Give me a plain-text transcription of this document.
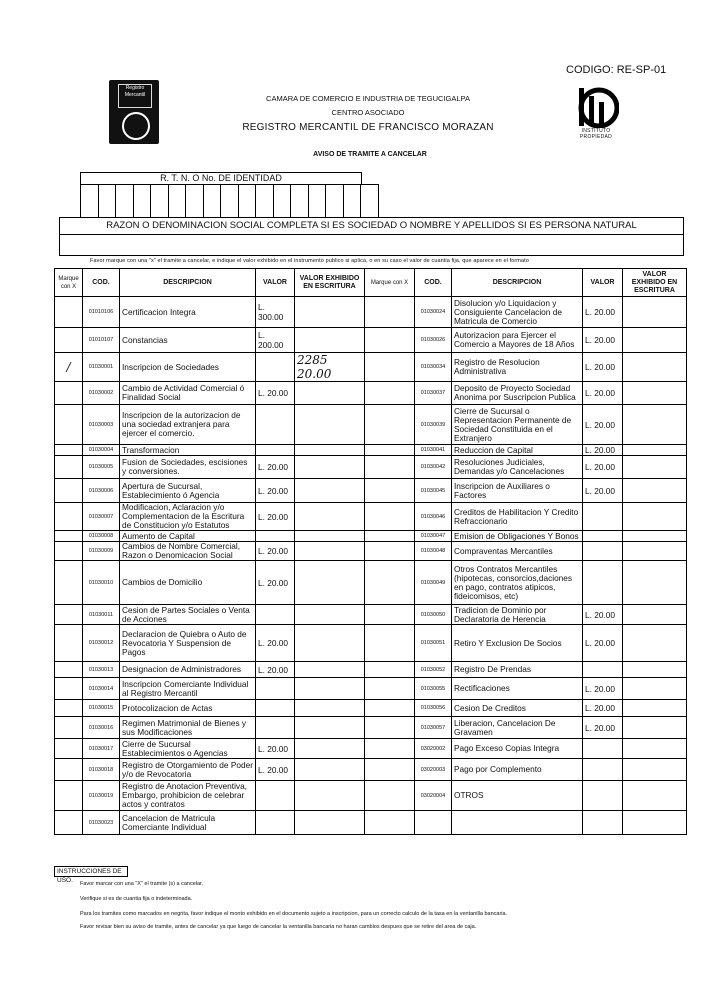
CODIGO: RE-SP-01
Registro Mercantil	CAMARA DE COMERCIO E INDUSTRIA DE TEGUCIGALPA
CENTRO ASOCIADO
REGISTRO MERCANTIL DE FRANCISCO MORAZAN	INSTITUTO PROPIEDAD
AVISO DE TRAMITE A CANCELAR
R. T. N. O No. DE IDENTIDAD
RAZON O DENOMINACION SOCIAL COMPLETA SI ES SOCIEDAD O NOMBRE Y APELLIDOS SI ES PERSONA NATURAL
Favor marque con una "x" el tramite a cancelar, e indique el valor exhibido en el instrumento publico si aplica, o en su caso el valor de cuantia fija, que aparece en el formato
Marque con X	COD.	DESCRIPCION	VALOR	VALOR EXHIBIDO EN ESCRITURA	Marque con X	COD.	DESCRIPCION	VALOR	VALOR EXHIBIDO EN ESCRITURA
	01010106	Certificacion Integra	L. 300.00			01030024	Disolucion y/o Liquidacion y Consiguiente Cancelacion de Matricula de Comercio	L. 20.00	
	01010107	Constancias	L. 200.00			01030026	Autorizacion para Ejercer el Comercio a Mayores de 18 Años	L. 20.00	
/	01030001	Inscripcion de Sociedades		2285 20.00		01030034	Registro de Resolucion Administrativa	L. 20.00	
	01030002	Cambio de Actividad Comercial ó Finalidad Social	L. 20.00			01030037	Deposito de Proyecto Sociedad Anonima por Suscripcion Publica	L. 20.00	
	01030003	Inscripcion de la autorizacion de una sociedad extranjera para ejercer el comercio.				01030039	Cierre de Sucursal o Representacion Permanente de Sociedad Constituida en el Extranjero	L. 20.00	
	01030004	Transformacion				01030041	Reduccion de Capital	L. 20.00	
	01030005	Fusion de Sociedades, escisiones y conversiones.	L. 20.00			01030042	Resoluciones Judiciales, Demandas y/o Cancelaciones	L. 20.00	
	01030006	Apertura de Sucursal, Establecimiento ó Agencia	L. 20.00			01030045	Inscripcion de Auxiliares o Factores	L. 20.00	
	01030007	Modificacion, Aclaracion y/o Complementacion de la Escritura de Constitucion y/o Estatutos	L. 20.00			01030046	Creditos de Habilitacion Y Credito Refraccionario		
	01030008	Aumento de Capital				01030047	Emision de Obligaciones Y Bonos		
	01030009	Cambios de Nombre Comercial, Razon o Denomicacion Social	L. 20.00			01030048	Compraventas Mercantiles		
	01030010	Cambios de Domicilio	L. 20.00			01030049	Otros Contratos Mercantiles (hipotecas, consorcios,daciones en pago, contratos atipicos, fideicomisos, etc)		
	01030011	Cesion de Partes Sociales o Venta de Acciones				01030050	Tradicion de Dominio por Declaratoria de Herencia	L. 20.00	
	01030012	Declaracion de Quiebra o Auto de Revocatoria Y Suspension de Pagos	L. 20.00			01030051	Retiro Y Exclusion De Socios	L. 20.00	
	01030013	Designacion de Administradores	L. 20.00			01030052	Registro De Prendas		
	01030014	Inscripcion Comerciante Individual al Registro Mercantil				01030055	Rectificaciones	L. 20.00	
	01030015	Protocolizacion de Actas				01030056	Cesion De Creditos	L. 20.00	
	01030016	Regimen Matrimonial de Bienes y sus Modificaciones				01030057	Liberacion, Cancelacion De Gravamen	L. 20.00	
	01030017	Cierre de Sucursal Establecimientos o Agencias	L. 20.00			03020002	Pago Exceso Copias Integra		
	01030018	Registro de Otorgamiento de Poder y/o de Revocatoria	L. 20.00			03020003	Pago por Complemento		
	01030019	Registro de Anotacion Preventiva, Embargo, prohibicion de celebrar actos y contratos				03020004	OTROS		
	01030023	Cancelacion de Matricula Comerciante Individual							
INSTRUCCIONES DE USO.	Favor marcar con una "X" el tramite (s) a cancelar.
Verifique si es de cuantia fija o indeterminada.
Para los tramites como marcados en negrita, favor indique el monto exhibido en el documento sujeto a inscripcion, para un correcto calculo de la tasa en la ventanilla bancaria.
Favor revisar bien su aviso de tramite, antes de cancelar ya que luego de cancelar la ventanilla bancaria no haran cambios despues que se retire del area de caja.
